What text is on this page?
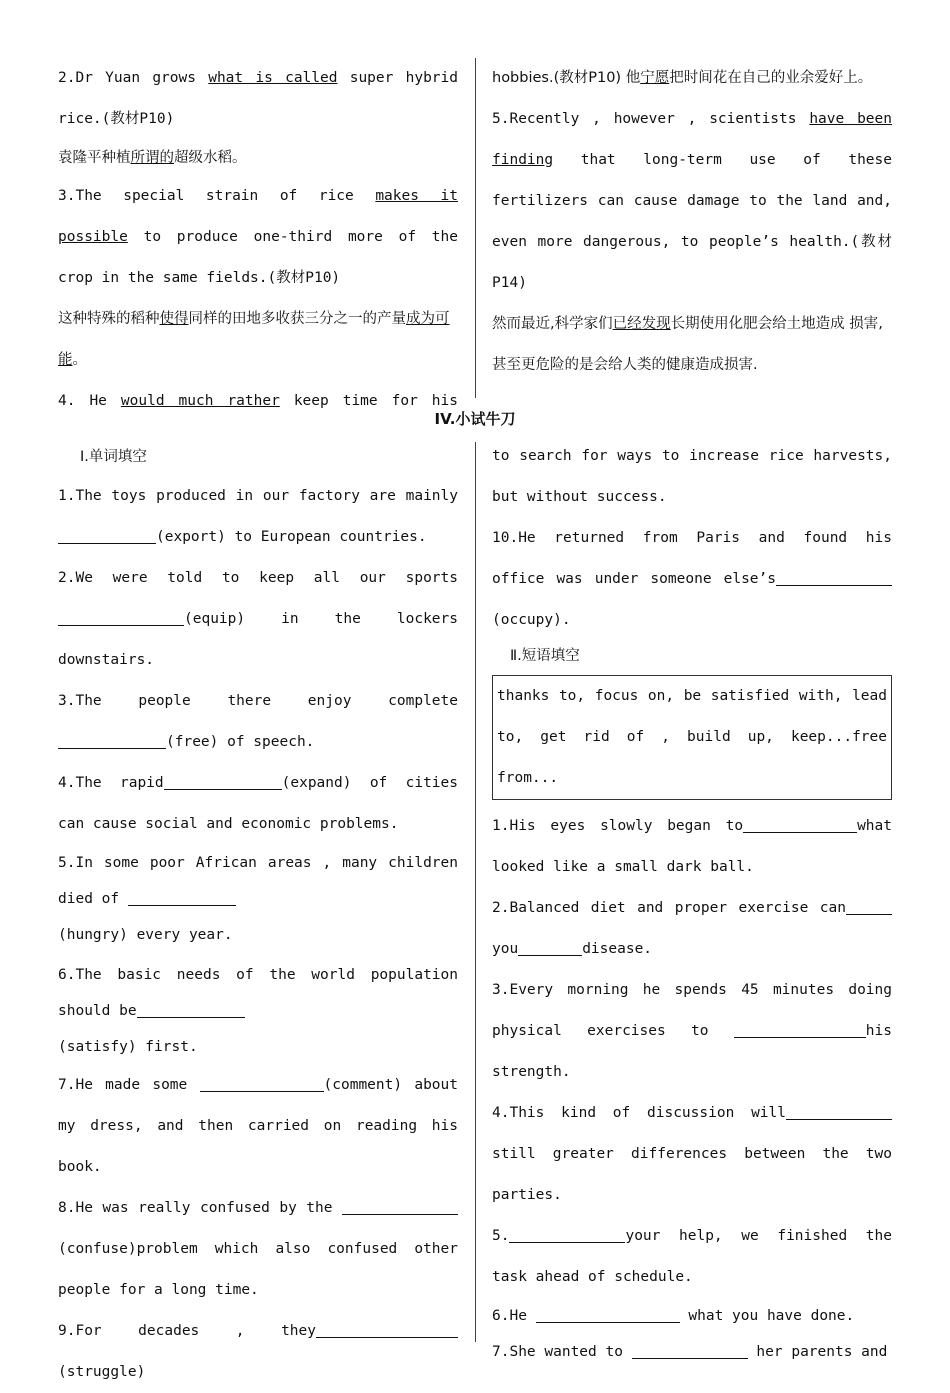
2.Dr Yuan grows what is called super hybrid rice.(教材P10)

袁隆平种植所谓的超级水稻。

3.The special strain of rice makes it possible to produce one-third more of the crop in the same fields.(教材P10)

这种特殊的稻种使得同样的田地多收获三分之一的产量成为可能。

4. He would much rather keep time for his

hobbies.(教材P10) 他宁愿把时间花在自己的业余爱好上。

5.Recently , however , scientists have been finding that long-term use of these fertilizers can cause damage to the land and, even more dangerous, to people’s health.(教材P14)

然而最近,科学家们已经发现长期使用化肥会给土地造成 损害,甚至更危险的是会给人类的健康造成损害.

IV.小试牛刀

Ⅰ.单词填空

1.The toys produced in our factory are mainly (export) to European countries.

2.We were told to keep all our sports (equip) in the lockers downstairs.

3.The people there enjoy complete (free) of speech.

4.The rapid	(expand) of cities can cause social and economic problems.

5.In some poor African areas , many children died of
(hungry) every year.

6.The basic needs of the world population should be
(satisfy) first.

7.He made some	(comment) about my dress, and then carried on reading his book.

8.He was really confused by the (confuse)problem which also confused other people for a long time.

9.For decades , they(struggle)

to search for ways to increase rice harvests, but without success.

10.He returned from Paris and found his office was under someone else’s(occupy).

Ⅱ.短语填空

thanks to, focus on, be satisfied with, lead to, get rid of , build up, keep...free from...

1.His eyes slowly began to	what looked like a small dark ball.

2.Balanced diet and proper exercise canyou	disease.

3.Every morning he spends 45 minutes doing physical exercises to	his strength.

4.This kind of discussion willstill greater differences between the two parties.

5.	your help, we finished the task ahead of schedule.

6.He	what you have done.

7.She wanted to	her parents and
